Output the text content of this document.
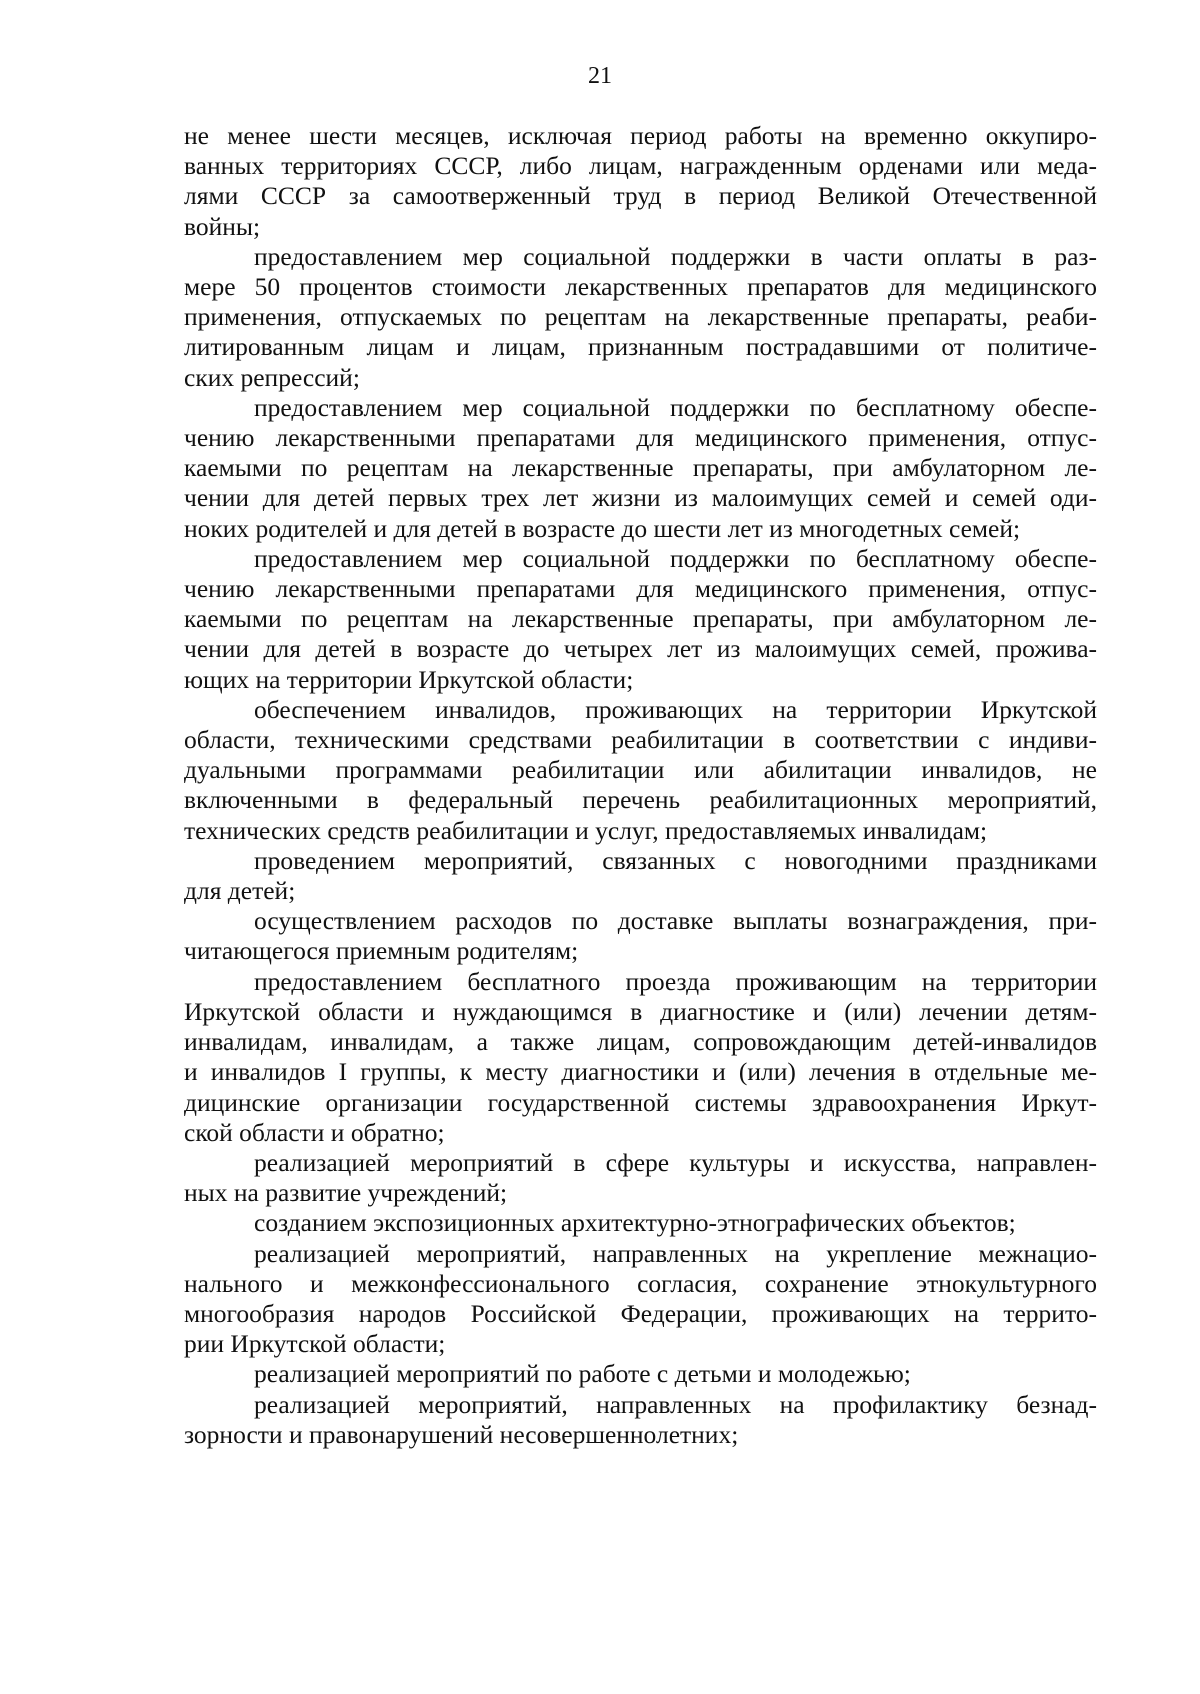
21

не менее шести месяцев, исключая период работы на временно оккупиро-
ванных территориях СССР, либо лицам, награжденным орденами или меда-
лями СССР за самоотверженный труд в период Великой Отечественной
войны;

предоставлением мер социальной поддержки в части оплаты в раз-
мере 50 процентов стоимости лекарственных препаратов для медицинского
применения, отпускаемых по рецептам на лекарственные препараты, реаби-
литированным лицам и лицам, признанным пострадавшими от политиче-
ских репрессий;

предоставлением мер социальной поддержки по бесплатному обеспе-
чению лекарственными препаратами для медицинского применения, отпус-
каемыми по рецептам на лекарственные препараты, при амбулаторном ле-
чении для детей первых трех лет жизни из малоимущих семей и семей оди-
ноких родителей и для детей в возрасте до шести лет из многодетных семей;

предоставлением мер социальной поддержки по бесплатному обеспе-
чению лекарственными препаратами для медицинского применения, отпус-
каемыми по рецептам на лекарственные препараты, при амбулаторном ле-
чении для детей в возрасте до четырех лет из малоимущих семей, прожива-
ющих на территории Иркутской области;

обеспечением инвалидов, проживающих на территории Иркутской
области, техническими средствами реабилитации в соответствии с индиви-
дуальными программами реабилитации или абилитации инвалидов, не
включенными в федеральный перечень реабилитационных мероприятий,
технических средств реабилитации и услуг, предоставляемых инвалидам;

проведением мероприятий, связанных с новогодними праздниками
для детей;

осуществлением расходов по доставке выплаты вознаграждения, при-
читающегося приемным родителям;

предоставлением бесплатного проезда проживающим на территории
Иркутской области и нуждающимся в диагностике и (или) лечении детям-
инвалидам, инвалидам, а также лицам, сопровождающим детей-инвалидов
и инвалидов I группы, к месту диагностики и (или) лечения в отдельные ме-
дицинские организации государственной системы здравоохранения Иркут-
ской области и обратно;

реализацией мероприятий в сфере культуры и искусства, направлен-
ных на развитие учреждений;

созданием экспозиционных архитектурно-этнографических объектов;

реализацией мероприятий, направленных на укрепление межнацио-
нального и межконфессионального согласия, сохранение этнокультурного
многообразия народов Российской Федерации, проживающих на террито-
рии Иркутской области;

реализацией мероприятий по работе с детьми и молодежью;

реализацией мероприятий, направленных на профилактику безнад-
зорности и правонарушений несовершеннолетних;
